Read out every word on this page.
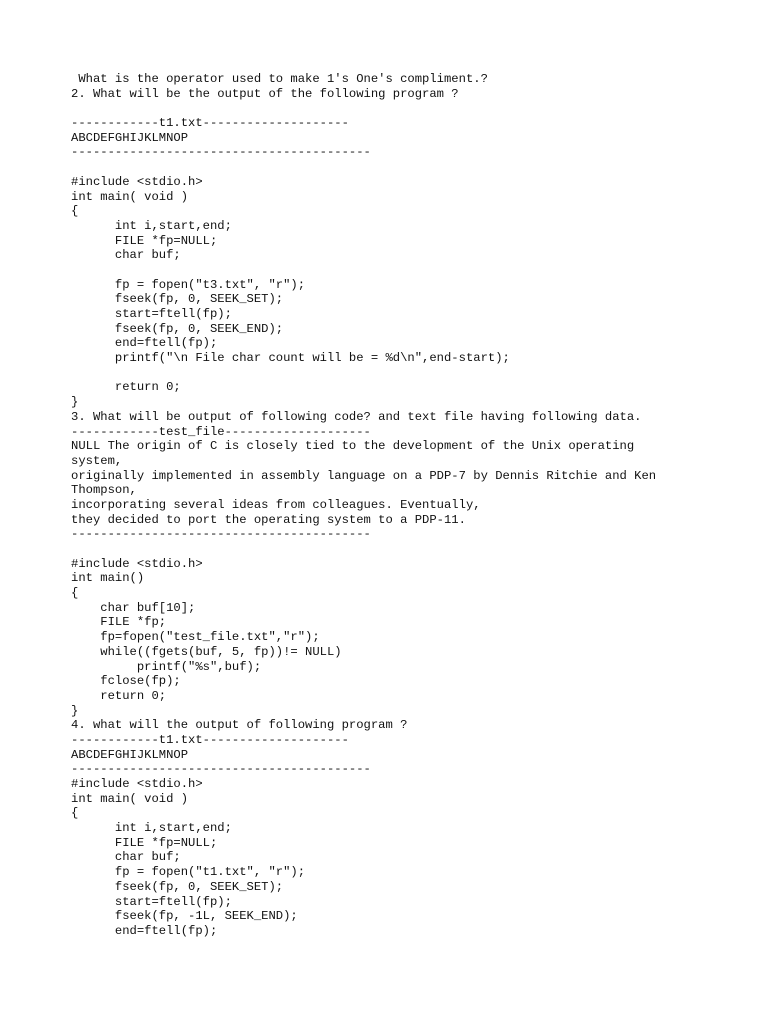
What is the operator used to make 1's One's compliment.?
2. What will be the output of the following program ?
------------t1.txt--------------------
ABCDEFGHIJKLMNOP
-----------------------------------------
#include <stdio.h>
int main( void )
{
int i,start,end;
FILE *fp=NULL;
char buf;
fp = fopen("t3.txt", "r");
fseek(fp, 0, SEEK_SET);
start=ftell(fp);
fseek(fp, 0, SEEK_END);
end=ftell(fp);
printf("\n File char count will be = %d\n",end-start);
return 0;
}
3. What will be output of following code? and text file having following data.
------------test_file--------------------
NULL The origin of C is closely tied to the development of the Unix operating
system,
originally implemented in assembly language on a PDP-7 by Dennis Ritchie and Ken
Thompson,
incorporating several ideas from colleagues. Eventually,
they decided to port the operating system to a PDP-11.
-----------------------------------------
#include <stdio.h>
int main()
{
char buf[10];
FILE *fp;
fp=fopen("test_file.txt","r");
while((fgets(buf, 5, fp))!= NULL)
printf("%s",buf);
fclose(fp);
return 0;
}
4. what will the output of following program ?
------------t1.txt--------------------
ABCDEFGHIJKLMNOP
-----------------------------------------
#include <stdio.h>
int main( void )
{
int i,start,end;
FILE *fp=NULL;
char buf;
fp = fopen("t1.txt", "r");
fseek(fp, 0, SEEK_SET);
start=ftell(fp);
fseek(fp, -1L, SEEK_END);
end=ftell(fp);
